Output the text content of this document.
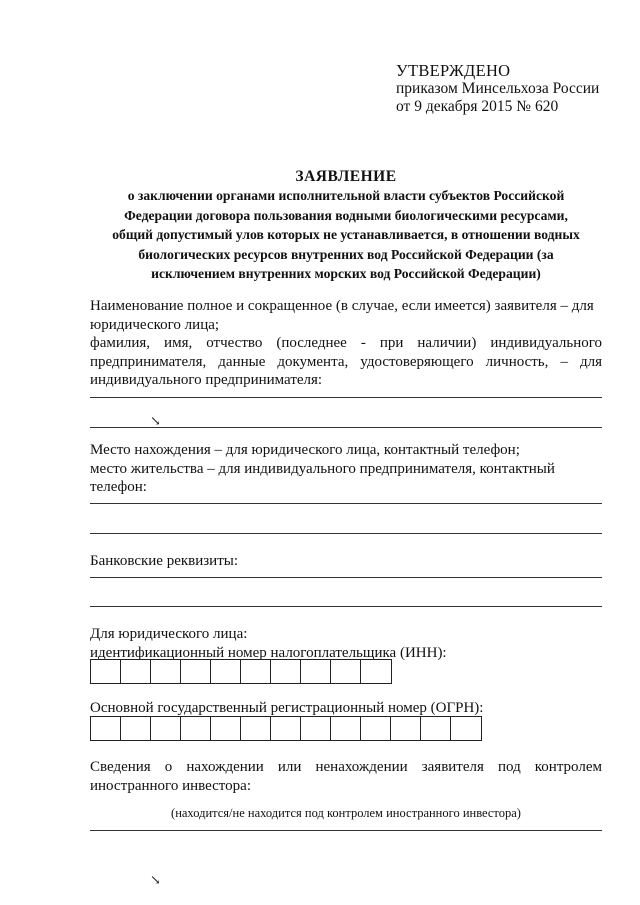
УТВЕРЖДЕНО
приказом Минсельхоза России
от 9 декабря 2015 № 620
ЗАЯВЛЕНИЕ
о заключении органами исполнительной власти субъектов Российской
Федерации договора пользования водными биологическими ресурсами,
общий допустимый улов которых не устанавливается, в отношении водных
биологических ресурсов внутренних вод Российской Федерации (за
исключением внутренних морских вод Российской Федерации)
Наименование полное и сокращенное (в случае, если имеется) заявителя – для
юридического лица;
фамилия, имя, отчество (последнее - при наличии) индивидуального
предпринимателя, данные документа, удостоверяющего личность, – для
индивидуального предпринимателя:
↘
Место нахождения – для юридического лица, контактный телефон;
место жительства – для индивидуального предпринимателя, контактный
телефон:
Банковские реквизиты:
Для юридического лица:
идентификационный номер налогоплательщика (ИНН):
Основной государственный регистрационный номер (ОГРН):
Сведения о нахождении или ненахождении заявителя под контролем
иностранного инвестора:
(находится/не находится под контролем иностранного инвестора)
↘
